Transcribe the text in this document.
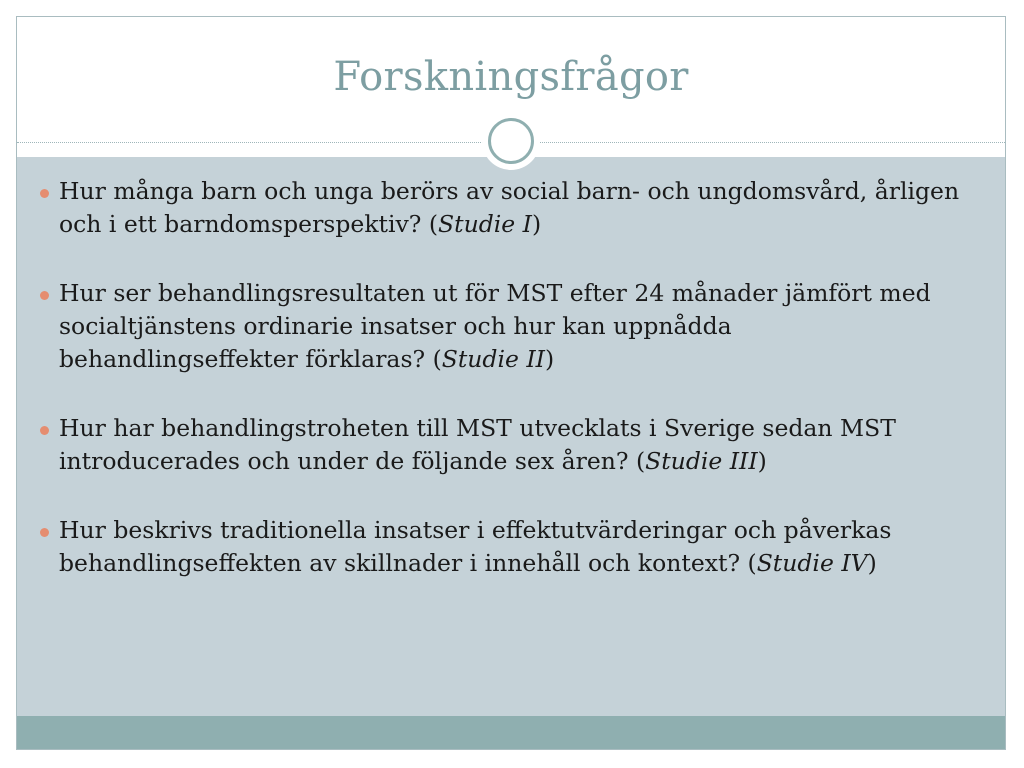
Forskningsfrågor
Hur många barn och unga berörs av social barn- och ungdomsvård, årligen och i ett barndomsperspektiv? (Studie I)
Hur ser behandlingsresultaten ut för MST efter 24 månader jämfört med socialtjänstens ordinarie insatser och hur kan uppnådda behandlingseffekter förklaras? (Studie II)
Hur har behandlingstroheten till MST utvecklats i Sverige sedan MST introducerades och under de följande sex åren? (Studie III)
Hur beskrivs traditionella insatser i effektutvärderingar och påverkas behandlingseffekten av skillnader i innehåll och kontext? (Studie IV)
